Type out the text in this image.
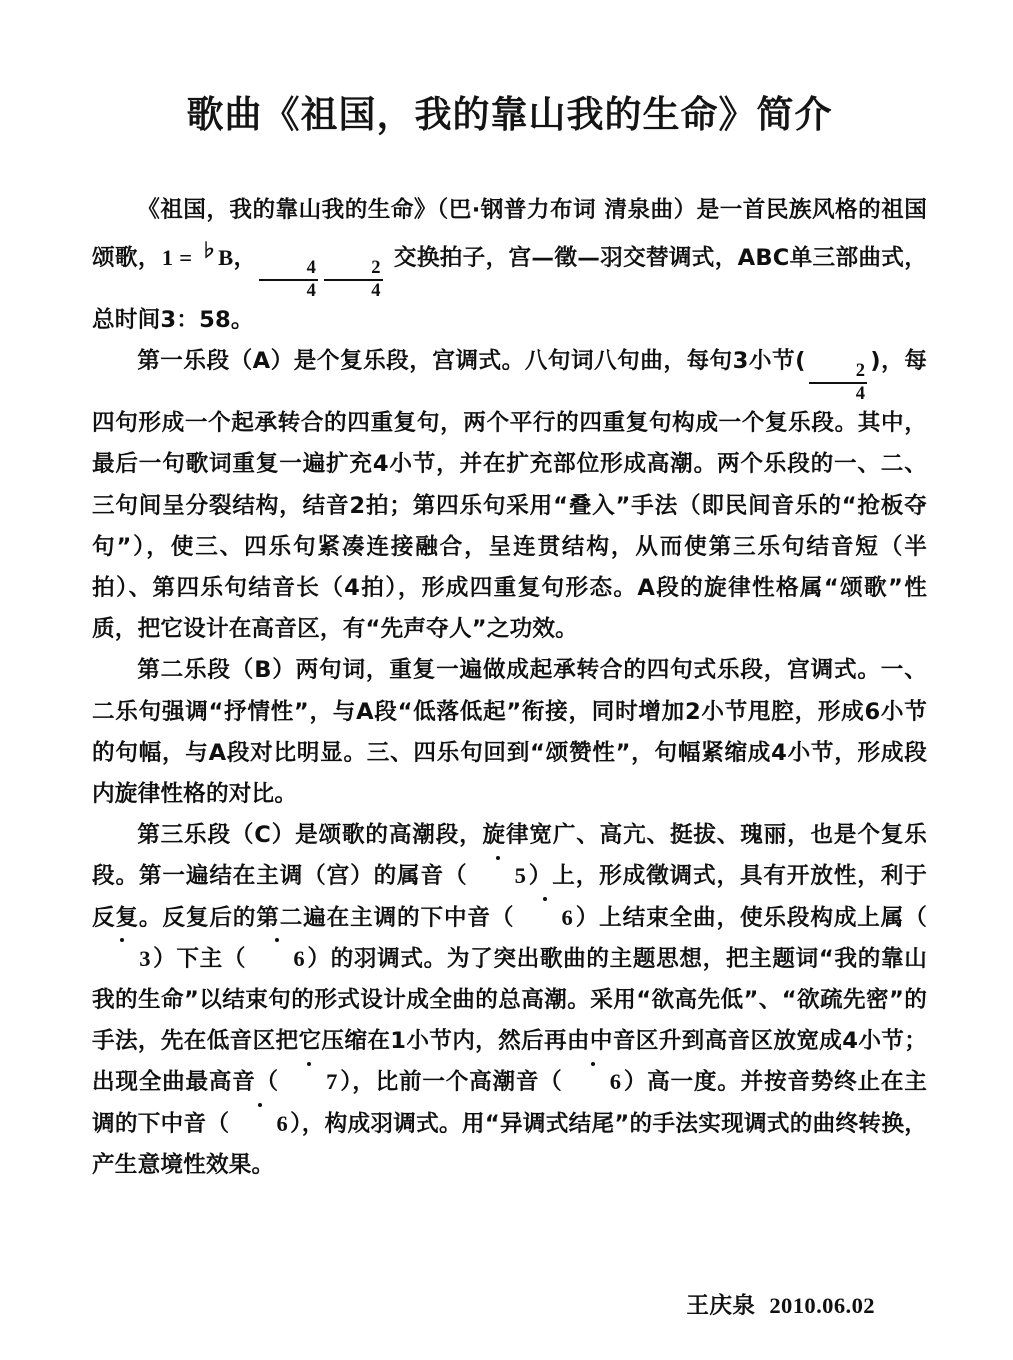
歌曲《祖国，我的靠山我的生命》简介

《祖国，我的靠山我的生命》（巴·钢普力布词 清泉曲）是一首民族风格的祖国颂歌，1 = ♭B，
$\frac{4}{4} \frac{2}{4}$
交换拍子，宫—徵—羽交替调式，ABC单三部曲式，总时间3：58。

第一乐段（A）是个复乐段，宫调式。八句词八句曲，每句3小节(
$\frac{2}{4}$
)，每四句形成一个起承转合的四重复句，两个平行的四重复句构成一个复乐段。其中，最后一句歌词重复一遍扩充4小节，并在扩充部位形成高潮。两个乐段的一、二、三句间呈分裂结构，结音2拍；第四乐句采用“叠入”手法（即民间音乐的“抢板夺句”），使三、四乐句紧凑连接融合，呈连贯结构，从而使第三乐句结音短（半拍）、第四乐句结音长（4拍），形成四重复句形态。A段的旋律性格属“颂歌”性质，把它设计在高音区，有“先声夺人”之功效。

第二乐段（B）两句词，重复一遍做成起承转合的四句式乐段，宫调式。一、二乐句强调“抒情性”，与A段“低落低起”衔接，同时增加2小节甩腔，形成6小节的句幅，与A段对比明显。三、四乐句回到“颂赞性”，句幅紧缩成4小节，形成段内旋律性格的对比。

第三乐段（C）是颂歌的高潮段，旋律宽广、高亢、挺拔、瑰丽，也是个复乐段。第一遍结在主调（宫）的属音（ 5）上，形成徵调式，具有开放性，利于反复。反复后的第二遍在主调的下中音（ 6）上结束全曲，使乐段构成上属（3）下主（ 6）的羽调式。为了突出歌曲的主题思想，把主题词“我的靠山我的生命”以结束句的形式设计成全曲的总高潮。采用“欲高先低”、“欲疏先密”的手法，先在低音区把它压缩在1小节内，然后再由中音区升到高音区放宽成4小节；出现全曲最高音（ 7），比前一个高潮音（ 6）高一度。并按音势终止在主调的下中音（ 6），构成羽调式。用“异调式结尾”的手法实现调式的曲终转换，产生意境性效果。

王庆泉 2010.06.02
